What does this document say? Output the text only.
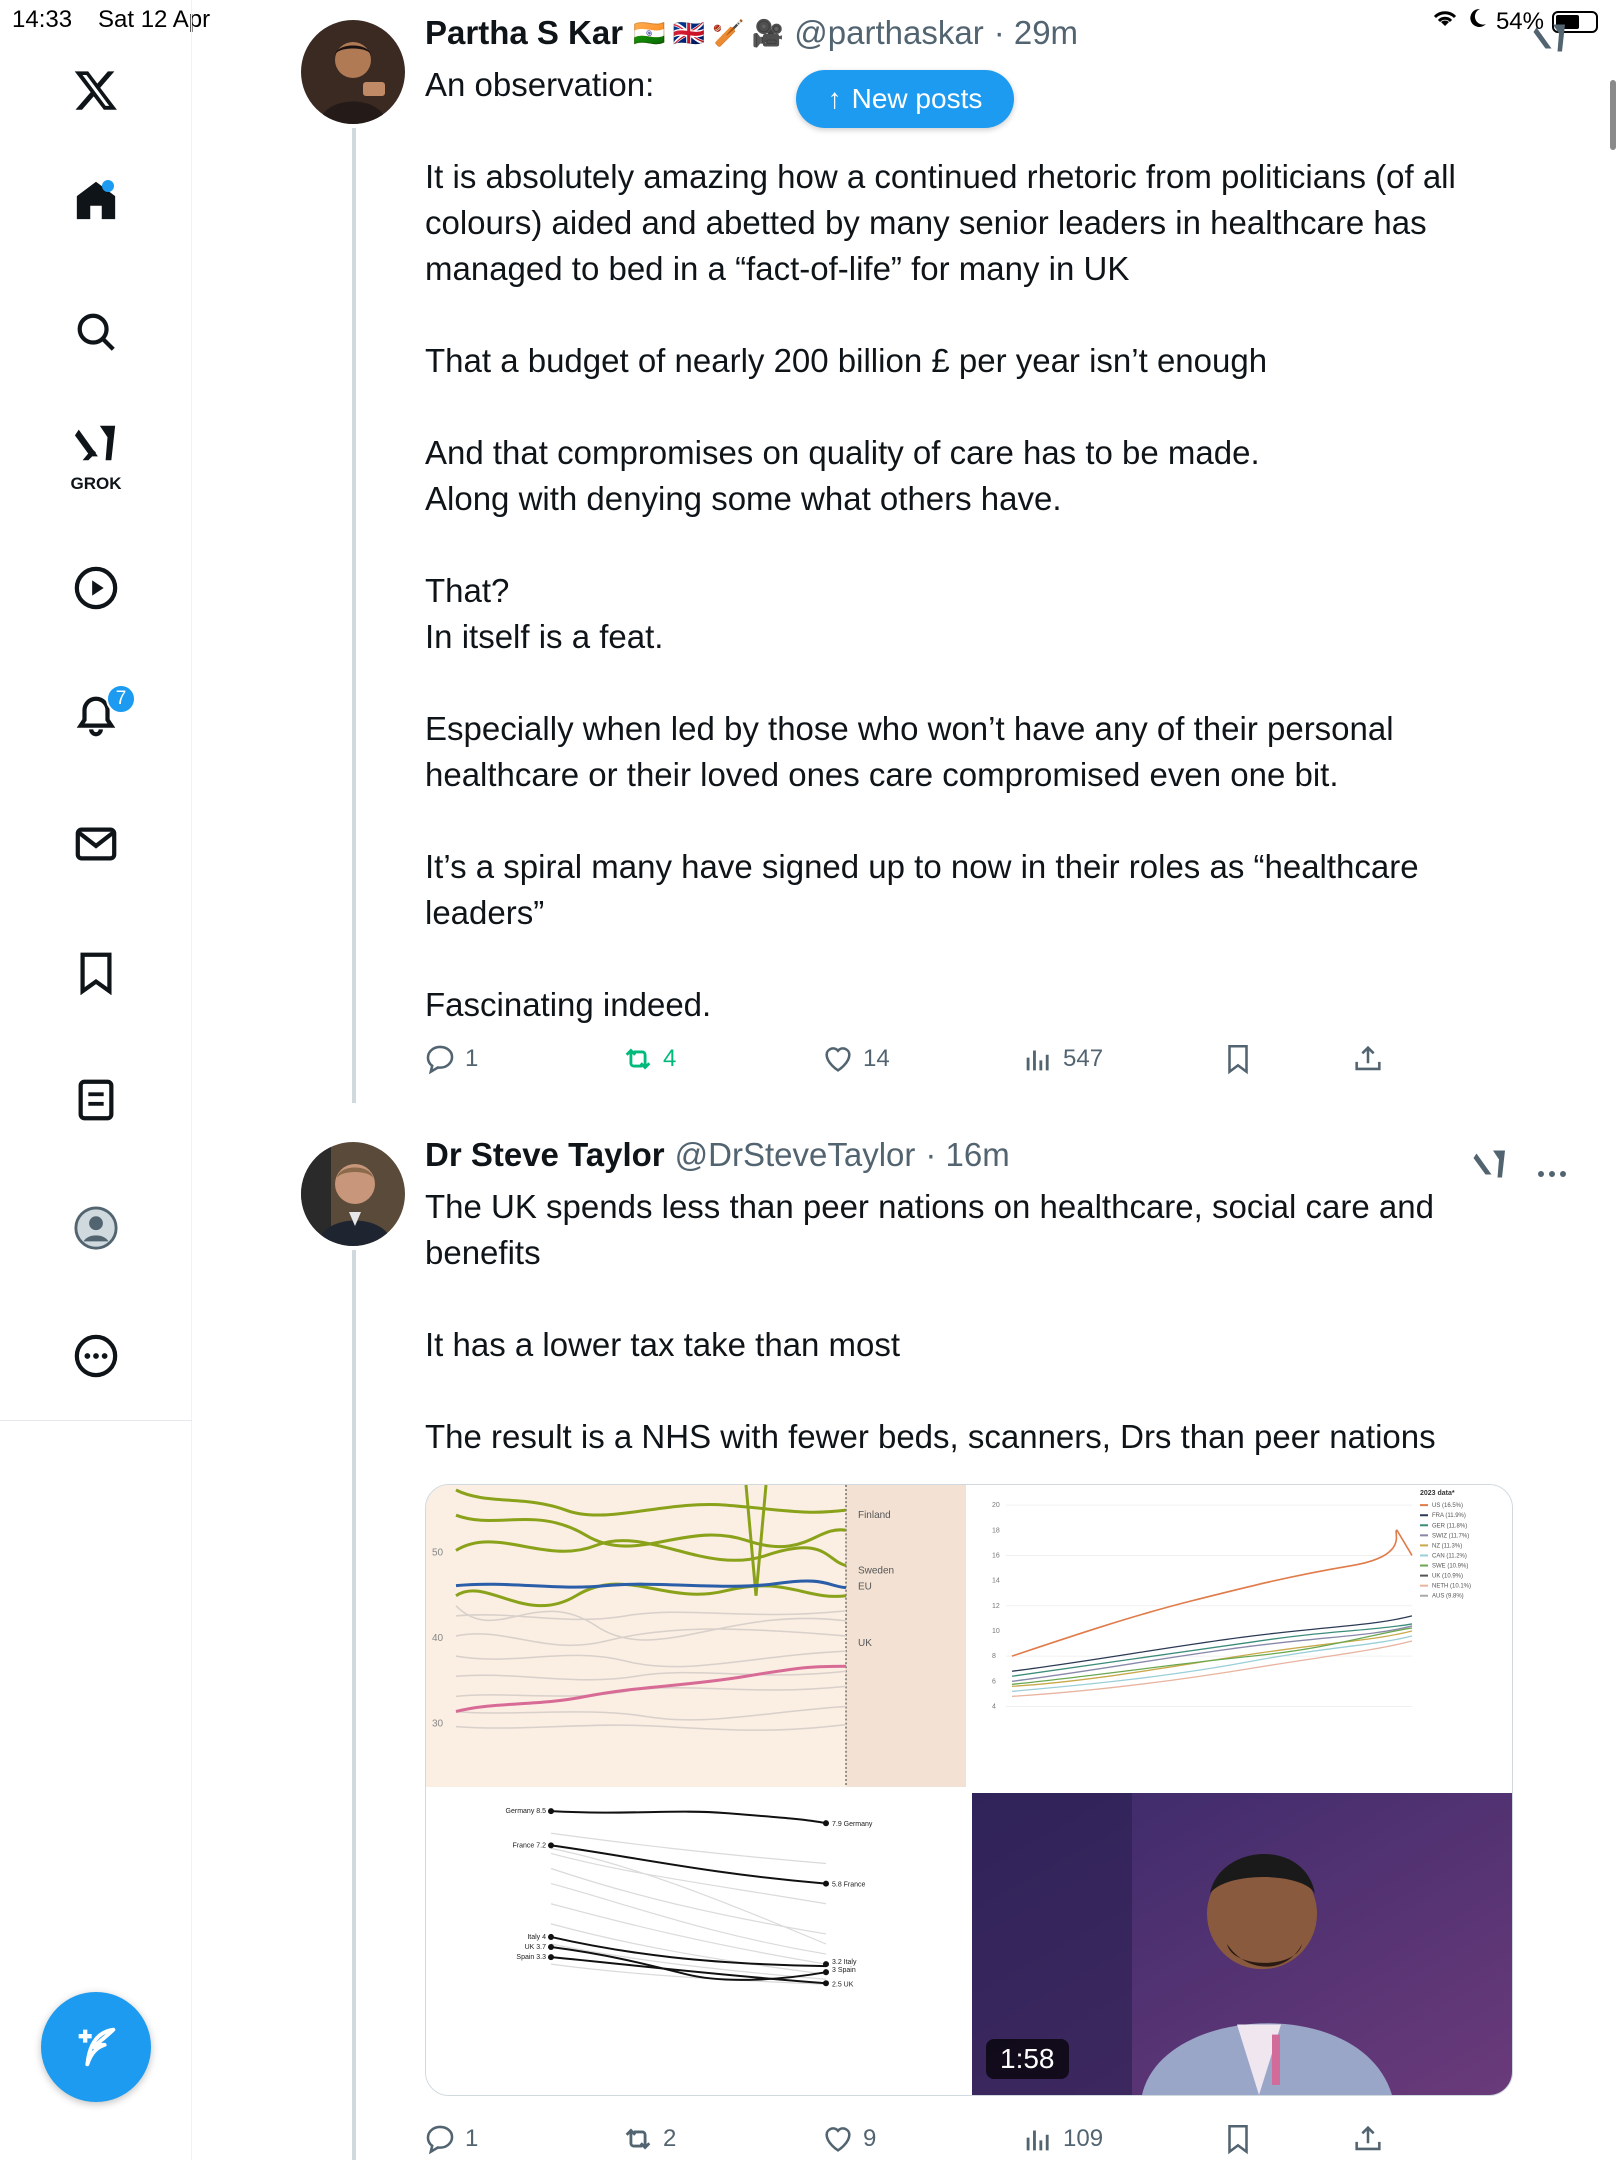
14:33 Sat 12 Apr	54%
GROK
7
↑ New posts
Partha S Kar 🇮🇳 🇬🇧 🏏 🎥 @parthaskar · 29m
An observation:

It is absolutely amazing how a continued rhetoric from politicians (of all colours) aided and abetted by many senior leaders in healthcare has managed to bed in a “fact-of-life” for many in UK

That a budget of nearly 200 billion £ per year isn’t enough

And that compromises on quality of care has to be made.
Along with denying some what others have.

That?
In itself is a feat.

Especially when led by those who won’t have any of their personal healthcare or their loved ones care compromised even one bit.

It’s a spiral many have signed up to now in their roles as “healthcare leaders”

Fascinating indeed.
1	4	14	547
Dr Steve Taylor @DrSteveTaylor · 16m
The UK spends less than peer nations on healthcare, social care and benefits

It has a lower tax take than most

The result is a NHS with fewer beds, scanners, Drs than peer nations
50
40
30
Finland
Sweden
EU
UK
20
18
16
14
12
10
8
6
4
2023 data*
US (16.5%)
FRA (11.9%)
GER (11.8%)
SWIZ (11.7%)
NZ (11.3%)
CAN (11.2%)
SWE (10.9%)
UK (10.9%)
NETH (10.1%)
AUS (9.8%)
Germany 8.5
France 7.2
Italy 4
UK 3.7
Spain 3.3
7.9 Germany
5.8 France
3.2 Italy
3 Spain
2.5 UK
1:58
1	2	9	109
